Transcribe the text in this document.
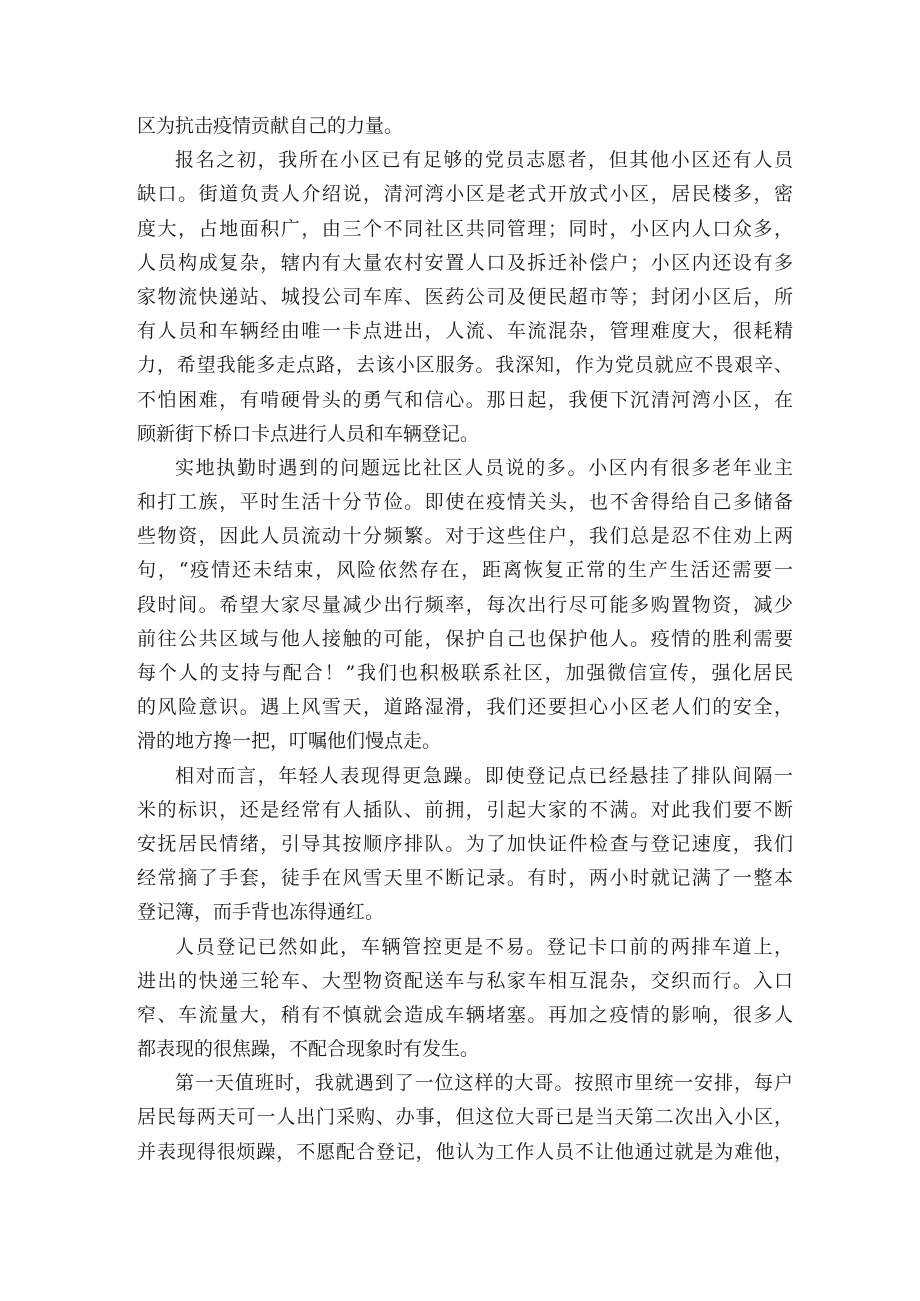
区为抗击疫情贡献自己的力量。
报名之初，我所在小区已有足够的党员志愿者，但其他小区还有人员
缺口。街道负责人介绍说，清河湾小区是老式开放式小区，居民楼多，密
度大，占地面积广，由三个不同社区共同管理；同时，小区内人口众多，
人员构成复杂，辖内有大量农村安置人口及拆迁补偿户；小区内还设有多
家物流快递站、城投公司车库、医药公司及便民超市等；封闭小区后，所
有人员和车辆经由唯一卡点进出，人流、车流混杂，管理难度大，很耗精
力，希望我能多走点路，去该小区服务。我深知，作为党员就应不畏艰辛、
不怕困难，有啃硬骨头的勇气和信心。那日起，我便下沉清河湾小区，在
顾新街下桥口卡点进行人员和车辆登记。
实地执勤时遇到的问题远比社区人员说的多。小区内有很多老年业主
和打工族，平时生活十分节俭。即使在疫情关头，也不舍得给自己多储备
些物资，因此人员流动十分频繁。对于这些住户，我们总是忍不住劝上两
句，“疫情还未结束，风险依然存在，距离恢复正常的生产生活还需要一
段时间。希望大家尽量减少出行频率，每次出行尽可能多购置物资，减少
前往公共区域与他人接触的可能，保护自己也保护他人。疫情的胜利需要
每个人的支持与配合！”我们也积极联系社区，加强微信宣传，强化居民
的风险意识。遇上风雪天，道路湿滑，我们还要担心小区老人们的安全，
滑的地方搀一把，叮嘱他们慢点走。
相对而言，年轻人表现得更急躁。即使登记点已经悬挂了排队间隔一
米的标识，还是经常有人插队、前拥，引起大家的不满。对此我们要不断
安抚居民情绪，引导其按顺序排队。为了加快证件检查与登记速度，我们
经常摘了手套，徒手在风雪天里不断记录。有时，两小时就记满了一整本
登记簿，而手背也冻得通红。
人员登记已然如此，车辆管控更是不易。登记卡口前的两排车道上，
进出的快递三轮车、大型物资配送车与私家车相互混杂，交织而行。入口
窄、车流量大，稍有不慎就会造成车辆堵塞。再加之疫情的影响，很多人
都表现的很焦躁，不配合现象时有发生。
第一天值班时，我就遇到了一位这样的大哥。按照市里统一安排，每户
居民每两天可一人出门采购、办事，但这位大哥已是当天第二次出入小区，
并表现得很烦躁，不愿配合登记，他认为工作人员不让他通过就是为难他，
